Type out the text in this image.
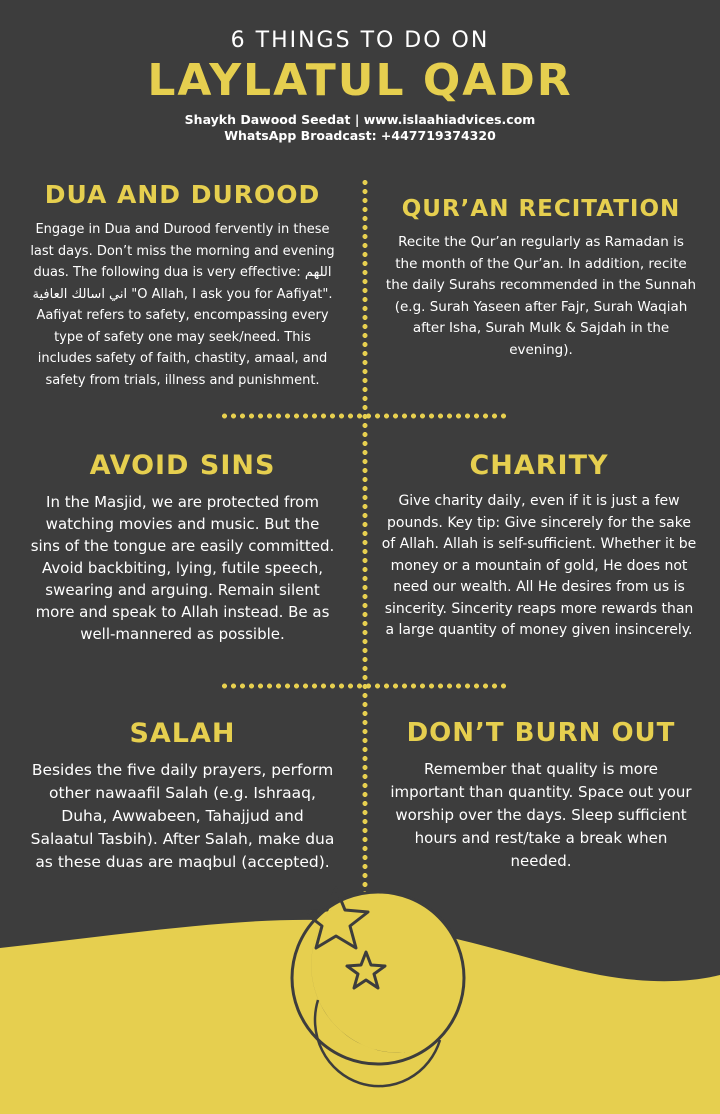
6 THINGS TO DO ON
LAYLATUL QADR
Shaykh Dawood Seedat | www.islaahiadvices.com
WhatsApp Broadcast: +447719374320
DUA AND DUROOD

Engage in Dua and Durood fervently in these last days. Don’t miss the morning and evening duas. The following dua is very effective: اللهم اني اسالك العافية "O Allah, I ask you for Aafiyat". Aafiyat refers to safety, encompassing every type of safety one may seek/need. This includes safety of faith, chastity, amaal, and safety from trials, illness and punishment.

QUR’AN RECITATION

Recite the Qur’an regularly as Ramadan is the month of the Qur’an. In addition, recite the daily Surahs recommended in the Sunnah (e.g. Surah Yaseen after Fajr, Surah Waqiah after Isha, Surah Mulk & Sajdah in the evening).

AVOID SINS

In the Masjid, we are protected from watching movies and music. But the sins of the tongue are easily committed. Avoid backbiting, lying, futile speech, swearing and arguing. Remain silent more and speak to Allah instead. Be as well-mannered as possible.

CHARITY

Give charity daily, even if it is just a few pounds. Key tip: Give sincerely for the sake of Allah. Allah is self-sufficient. Whether it be money or a mountain of gold, He does not need our wealth. All He desires from us is sincerity. Sincerity reaps more rewards than a large quantity of money given insincerely.

SALAH

Besides the five daily prayers, perform other nawaafil Salah (e.g. Ishraaq, Duha, Awwabeen, Tahajjud and Salaatul Tasbih). After Salah, make dua as these duas are maqbul (accepted).

DON’T BURN OUT

Remember that quality is more important than quantity. Space out your worship over the days. Sleep sufficient hours and rest/take a break when needed.
